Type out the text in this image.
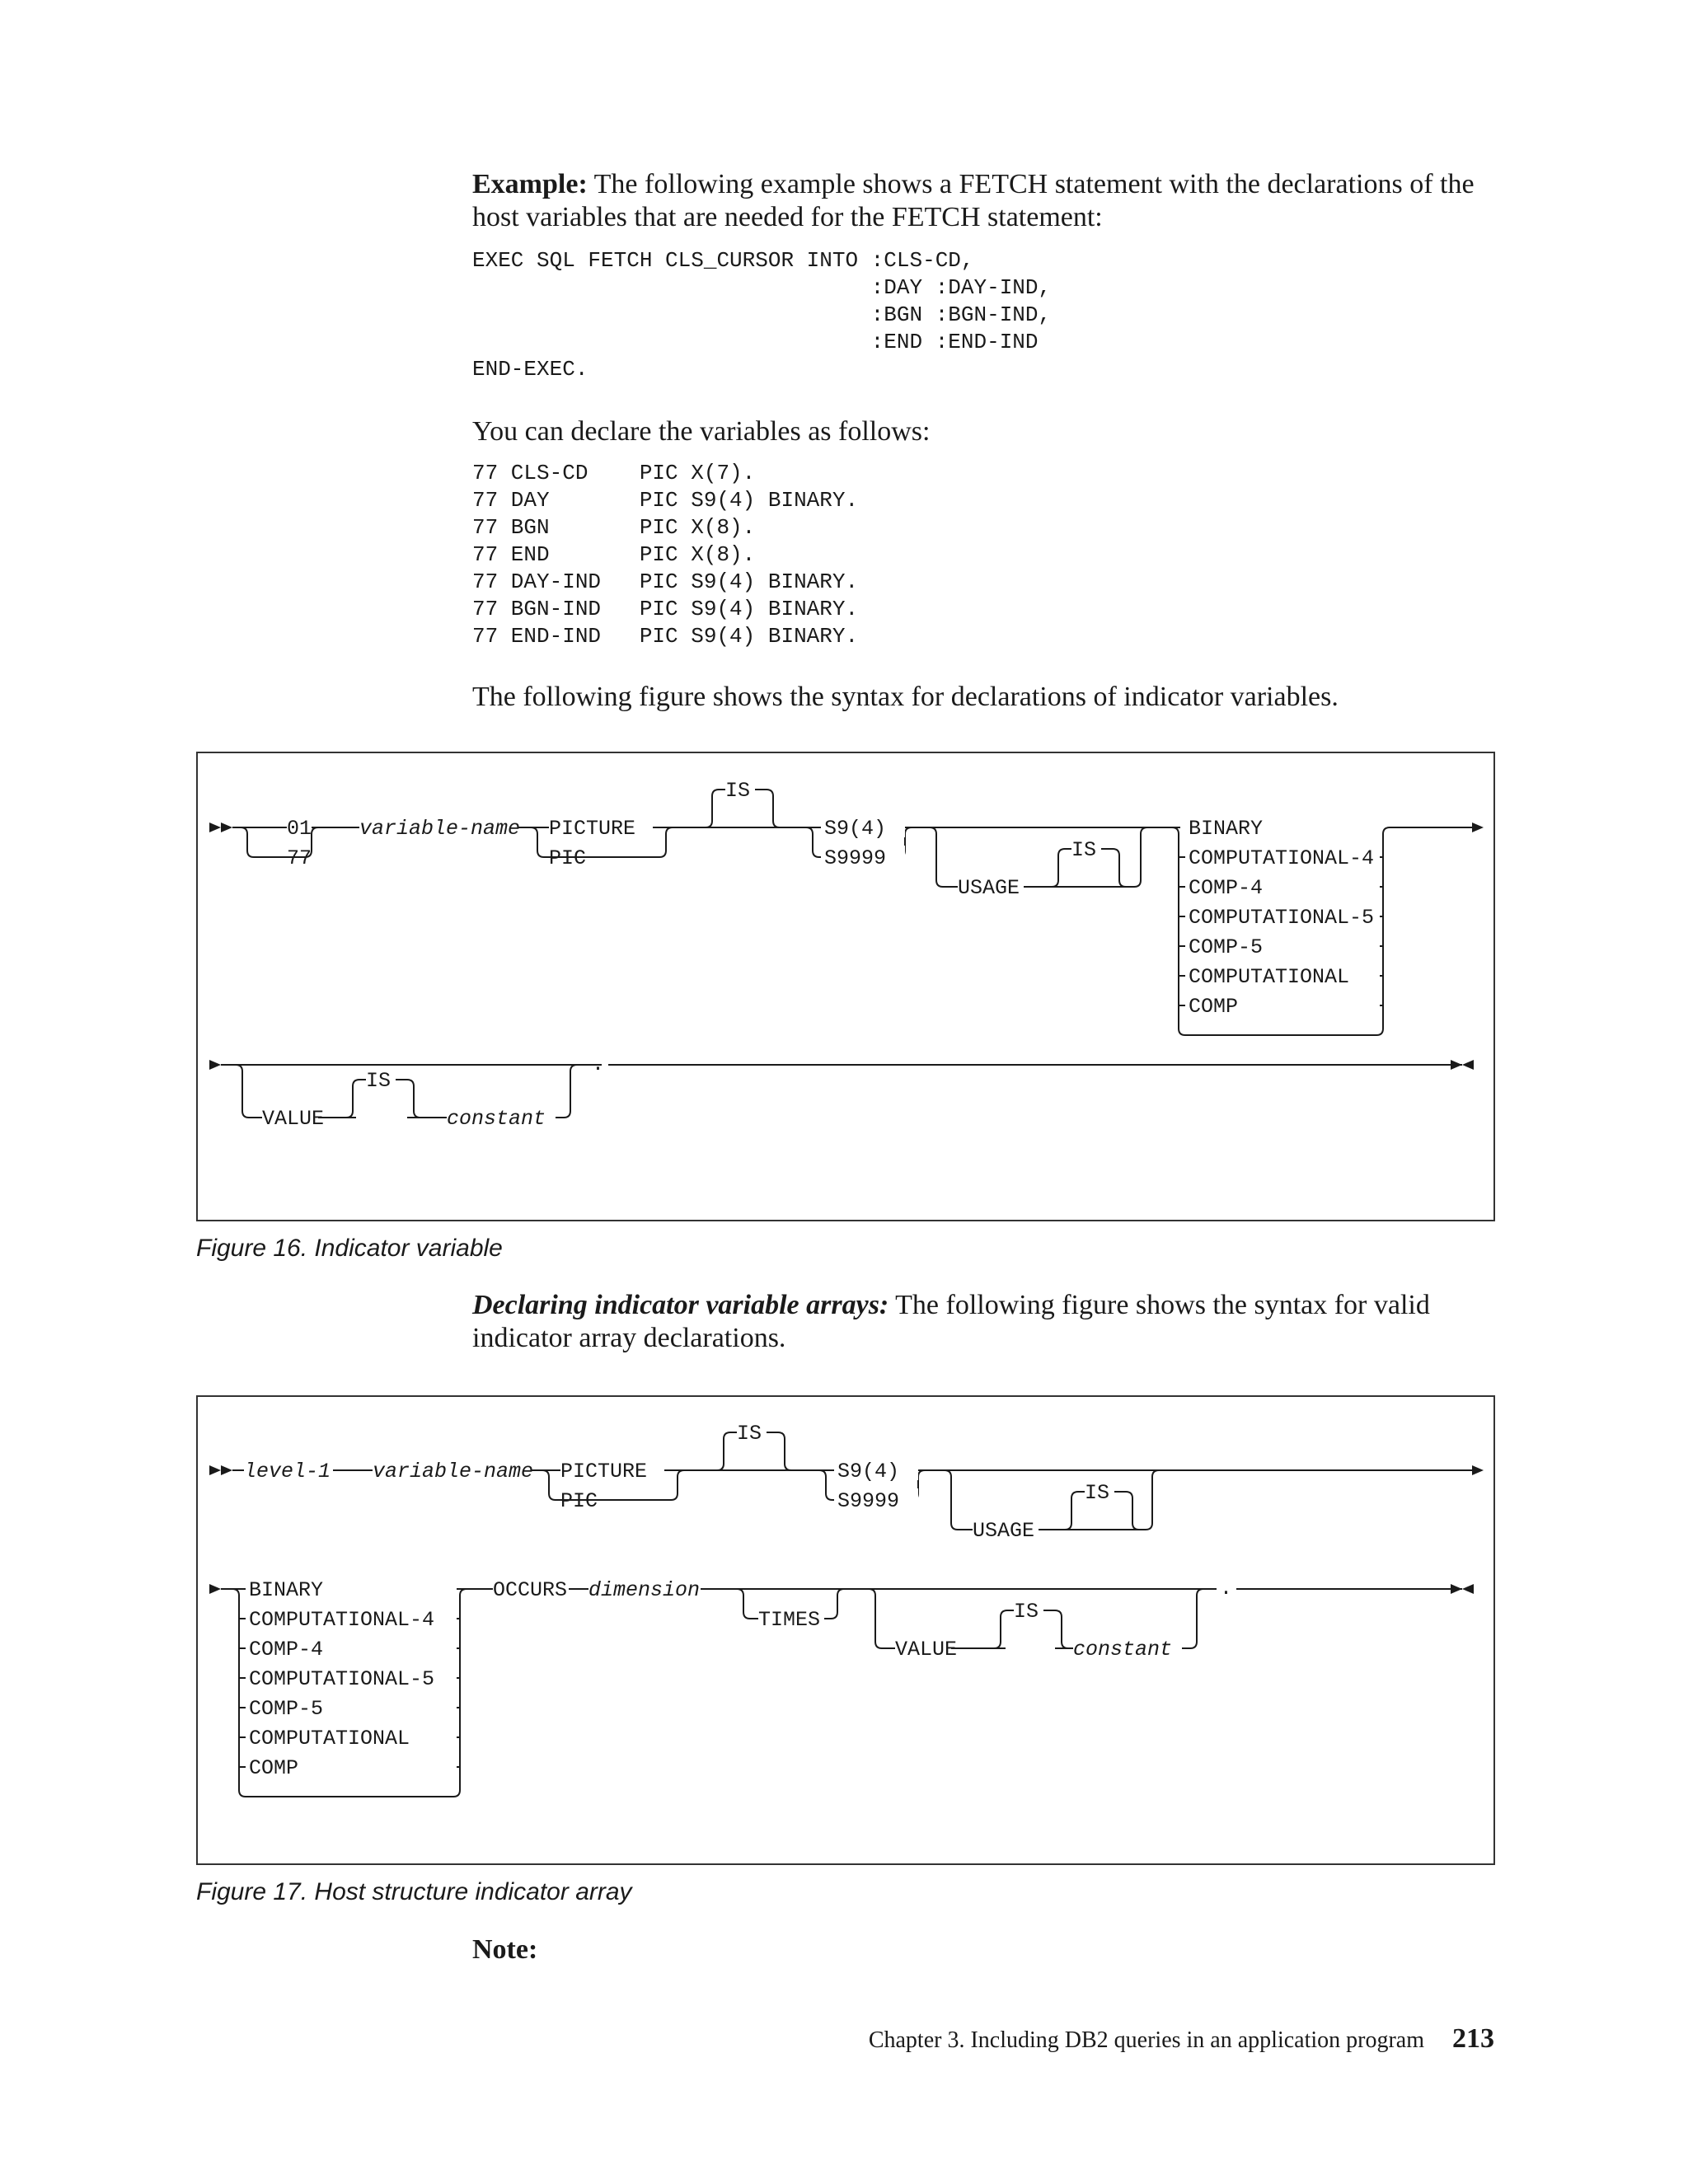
Example: The following example shows a FETCH statement with the declarations of the host variables that are needed for the FETCH statement:

EXEC SQL FETCH CLS_CURSOR INTO :CLS-CD,
:DAY :DAY-IND,
:BGN :BGN-IND,
:END :END-IND
END-EXEC.

You can declare the variables as follows:

77 CLS-CD    PIC X(7).
77 DAY       PIC S9(4) BINARY.
77 BGN       PIC X(8).
77 END       PIC X(8).
77 DAY-IND   PIC S9(4) BINARY.
77 BGN-IND   PIC S9(4) BINARY.
77 END-IND   PIC S9(4) BINARY.

The following figure shows the syntax for declarations of indicator variables.

01
77
variable-name PICTURE
PIC
IS
S9(4)
S9999
USAGE
IS
BINARY
COMPUTATIONAL-4
COMP-4
COMPUTATIONAL-5
COMP-5
COMPUTATIONAL
COMP
VALUE
IS
constant
.
Figure 16. Indicator variable

Declaring indicator variable arrays: The following figure shows the syntax for valid indicator array declarations.

level-1 variable-name PICTURE
PIC
IS
S9(4)
S9999
USAGE
IS
BINARY
COMPUTATIONAL-4
COMP-4
COMPUTATIONAL-5
COMP-5
COMPUTATIONAL
COMP
OCCURS dimension
TIMES
VALUE
IS
constant
.
Figure 17. Host structure indicator array

Note:

Chapter 3. Including DB2 queries in an application program 213
